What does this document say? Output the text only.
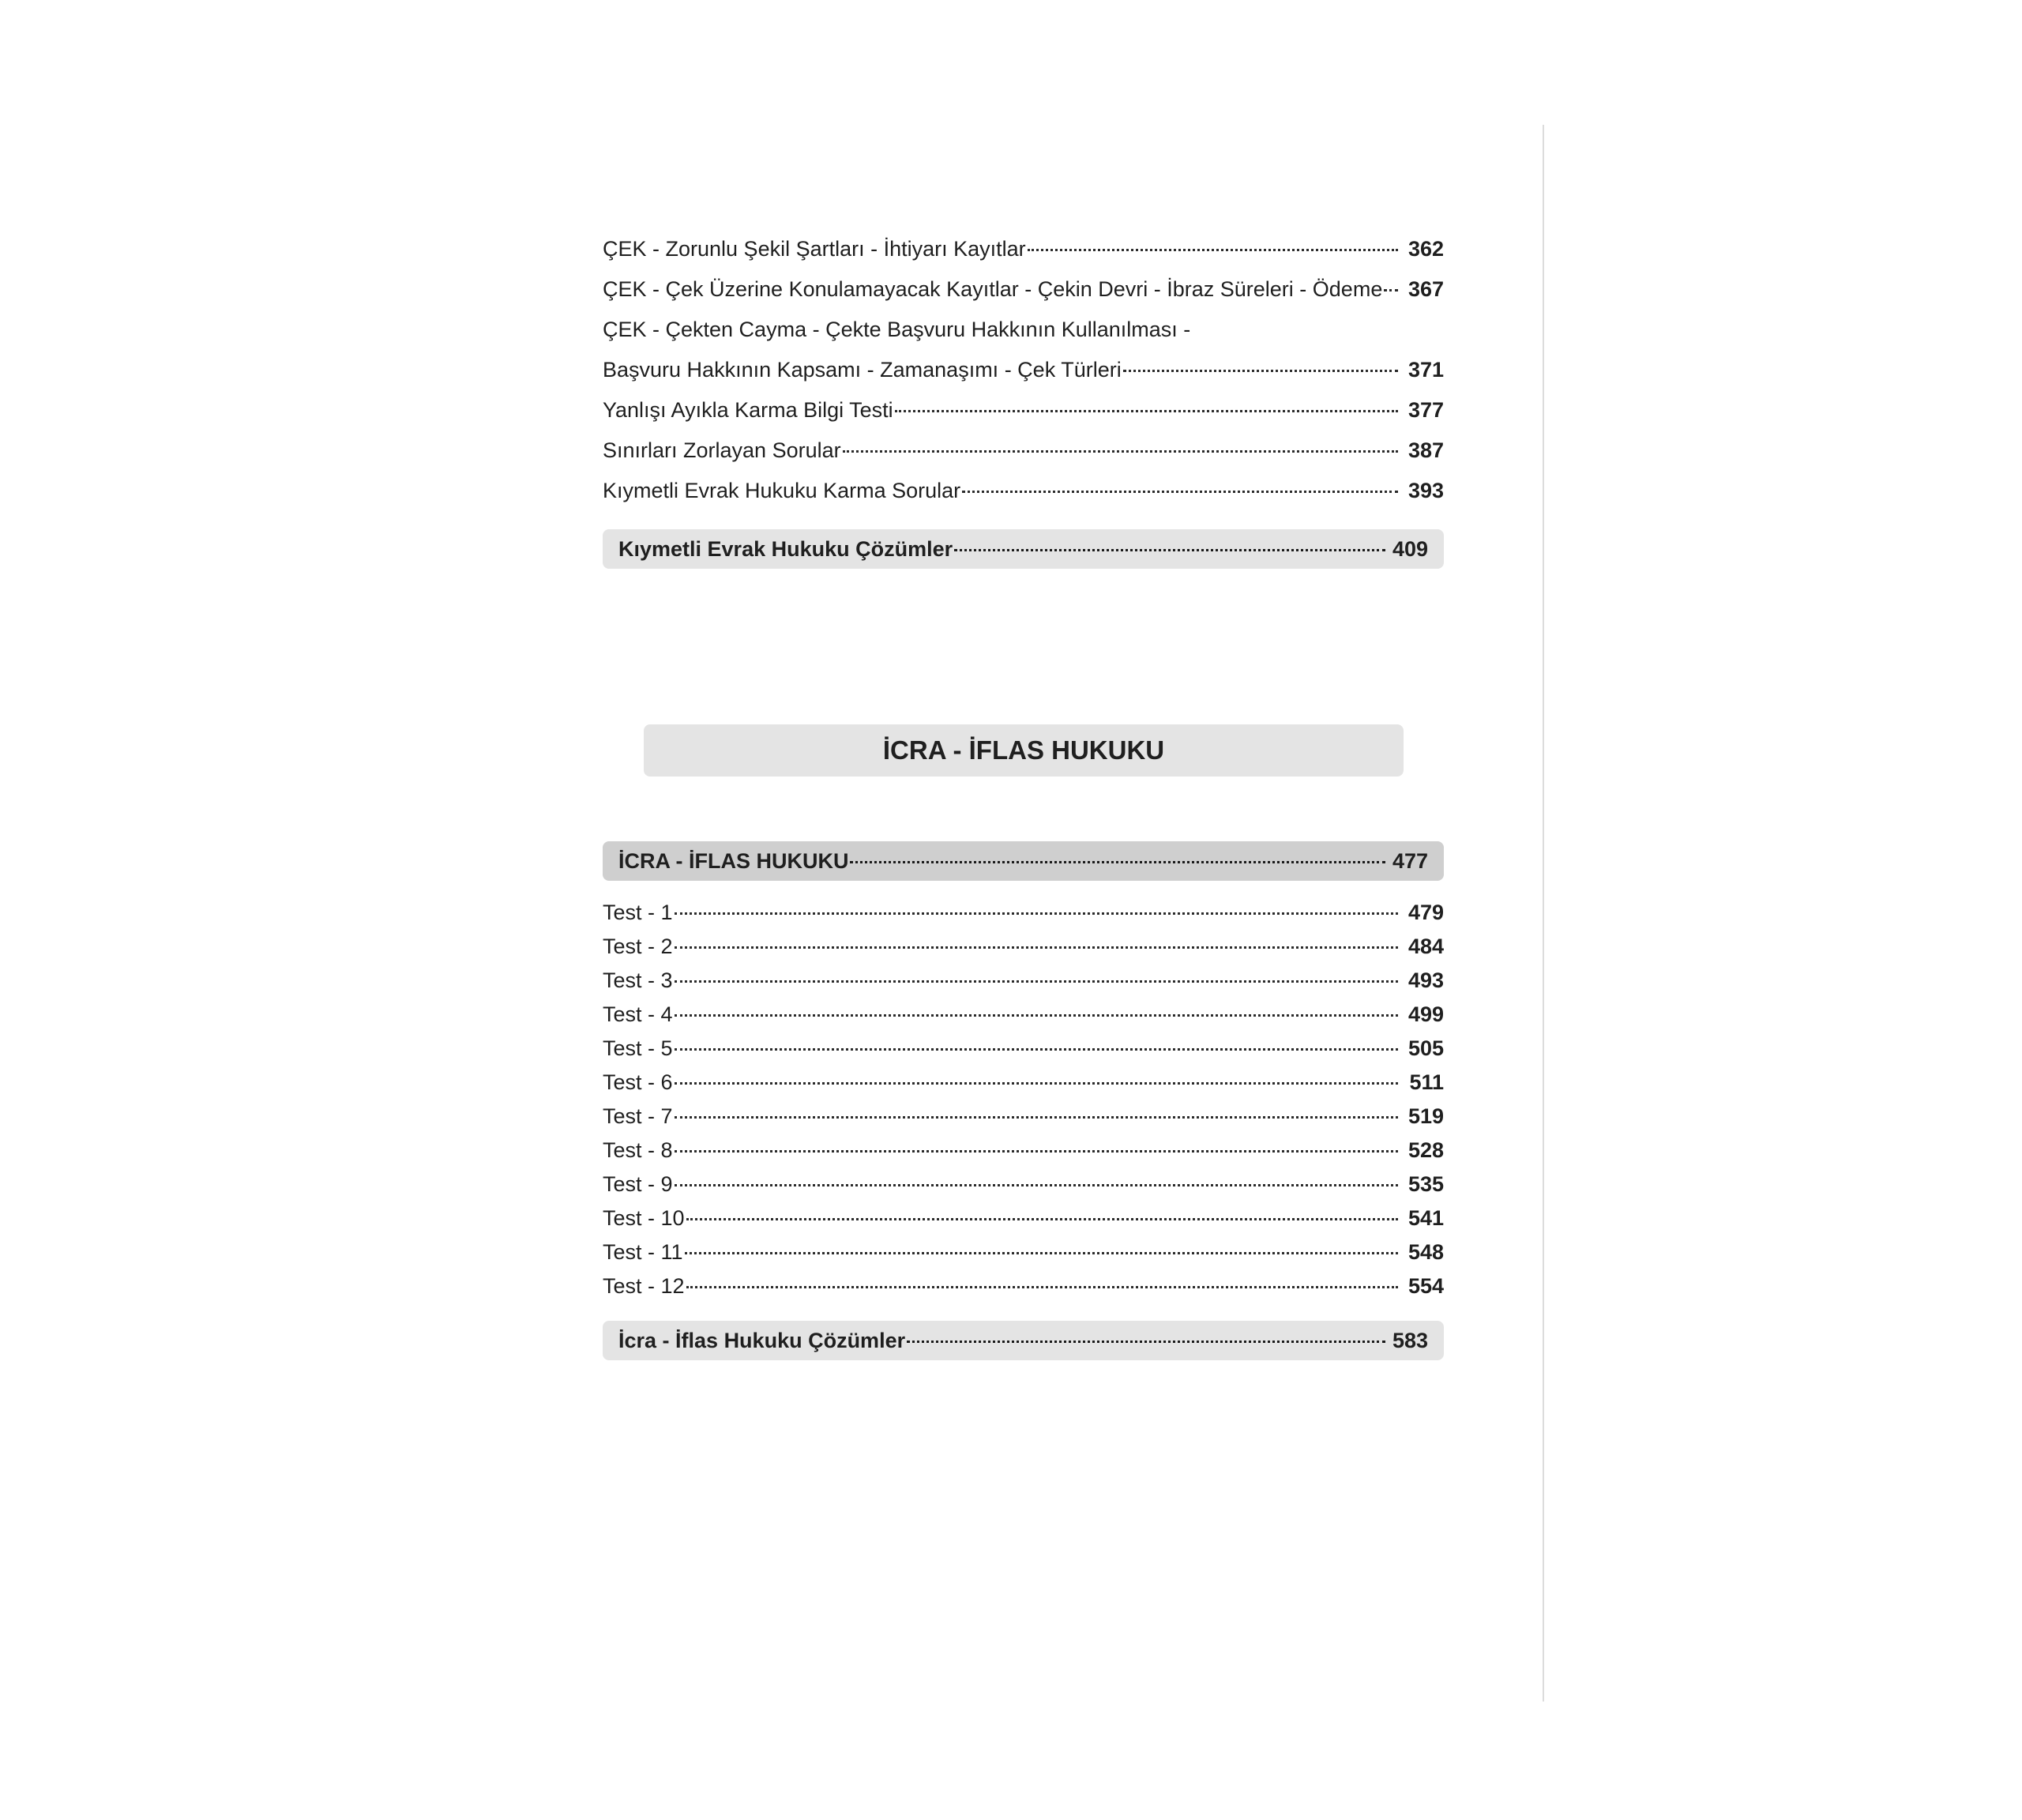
ÇEK - Zorunlu Şekil Şartları - İhtiyarı Kayıtlar	362
ÇEK - Çek Üzerine Konulamayacak Kayıtlar - Çekin Devri - İbraz Süreleri - Ödeme 367
ÇEK - Çekten Cayma - Çekte Başvuru Hakkının Kullanılması -
Başvuru Hakkının Kapsamı - Zamanaşımı - Çek Türleri	371
Yanlışı Ayıkla Karma Bilgi Testi	377
Sınırları Zorlayan Sorular	387
Kıymetli Evrak Hukuku Karma Sorular	393
Kıymetli Evrak Hukuku Çözümler	409
İCRA - İFLAS HUKUKU
İCRA - İFLAS HUKUKU	477
Test - 1	479
Test - 2	484
Test - 3	493
Test - 4	499
Test - 5	505
Test - 6	511
Test - 7	519
Test - 8	528
Test - 9	535
Test - 10	541
Test - 11	548
Test - 12	554
İcra - İflas Hukuku Çözümler	583
